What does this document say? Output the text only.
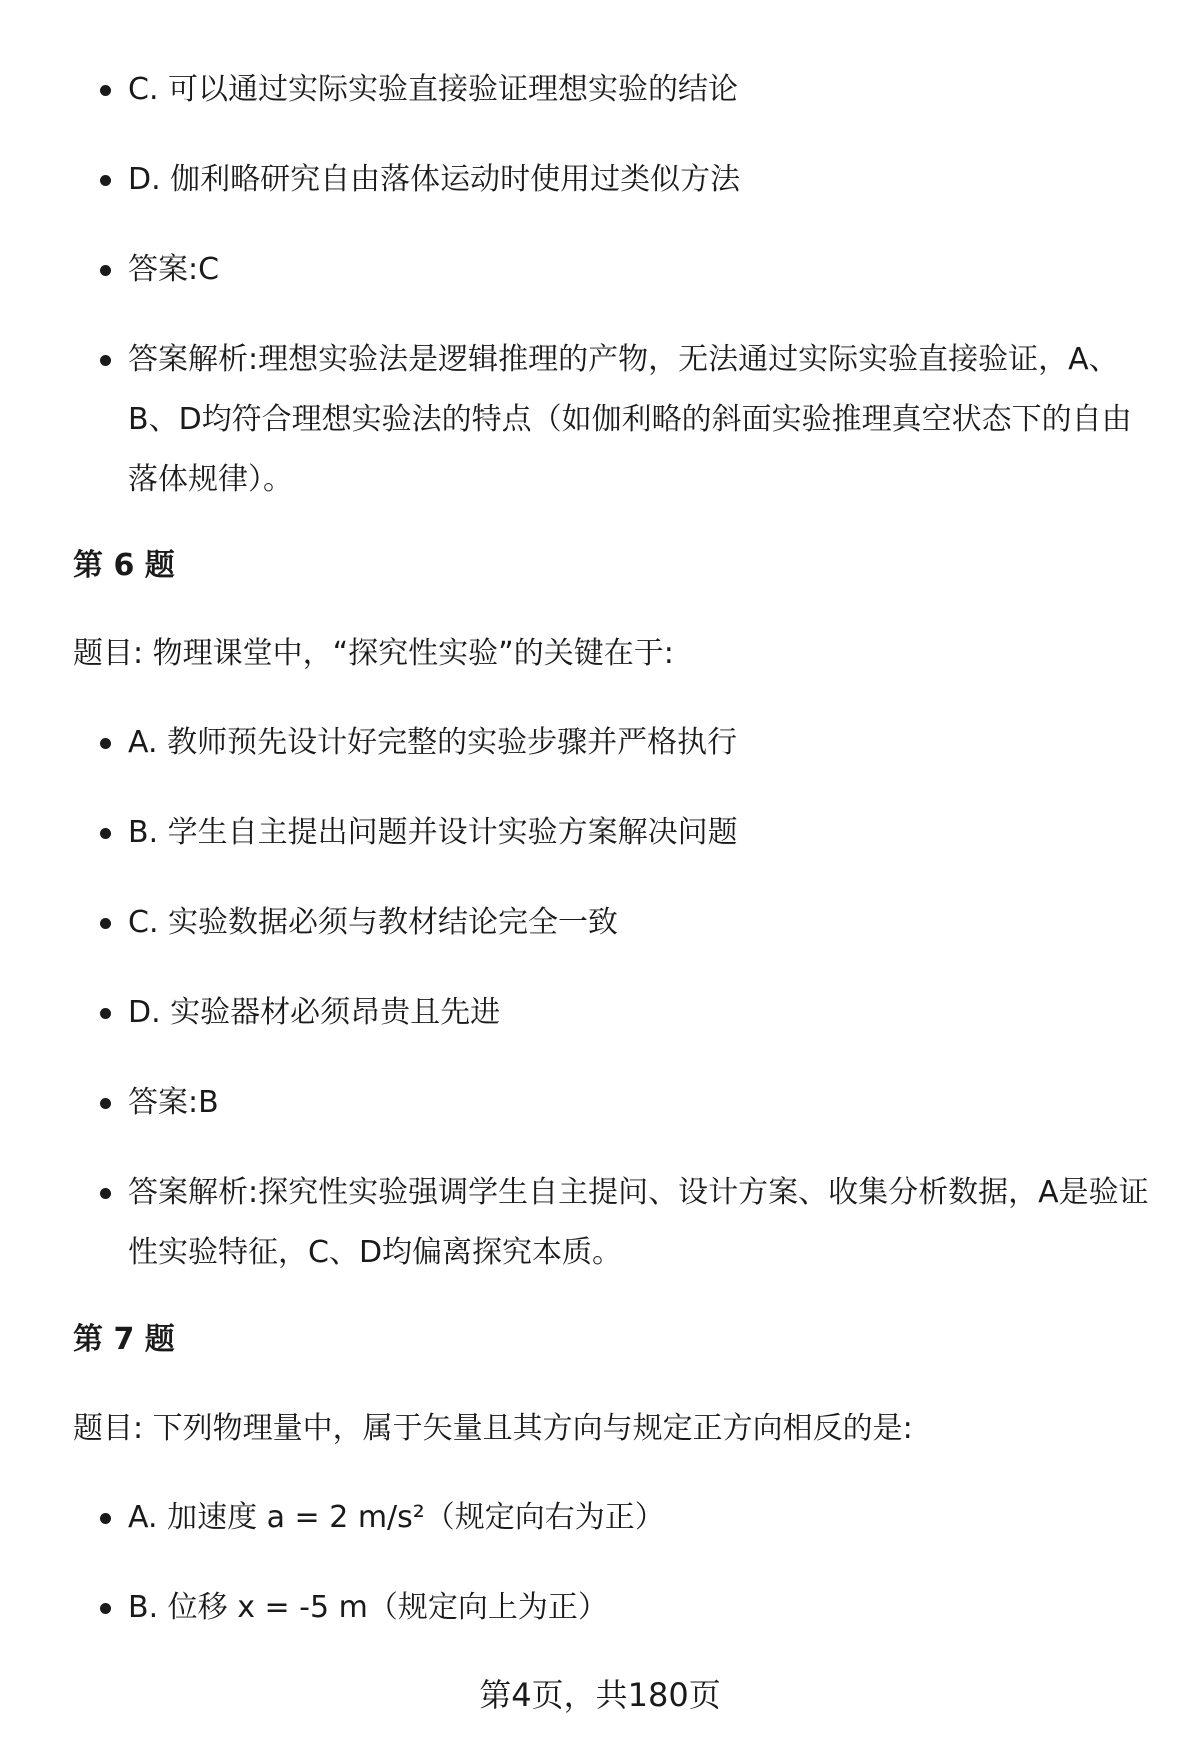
C. 可以通过实际实验直接验证理想实验的结论
D. 伽利略研究自由落体运动时使用过类似方法
答案:C
答案解析:理想实验法是逻辑推理的产物，无法通过实际实验直接验证，A、B、D均符合理想实验法的特点（如伽利略的斜面实验推理真空状态下的自由落体规律）。
第 6 题
题目: 物理课堂中，“探究性实验”的关键在于:
A. 教师预先设计好完整的实验步骤并严格执行
B. 学生自主提出问题并设计实验方案解决问题
C. 实验数据必须与教材结论完全一致
D. 实验器材必须昂贵且先进
答案:B
答案解析:探究性实验强调学生自主提问、设计方案、收集分析数据，A是验证性实验特征，C、D均偏离探究本质。
第 7 题
题目: 下列物理量中，属于矢量且其方向与规定正方向相反的是:
A. 加速度 a = 2 m/s²（规定向右为正）
B. 位移 x = -5 m（规定向上为正）
第4页，共180页
